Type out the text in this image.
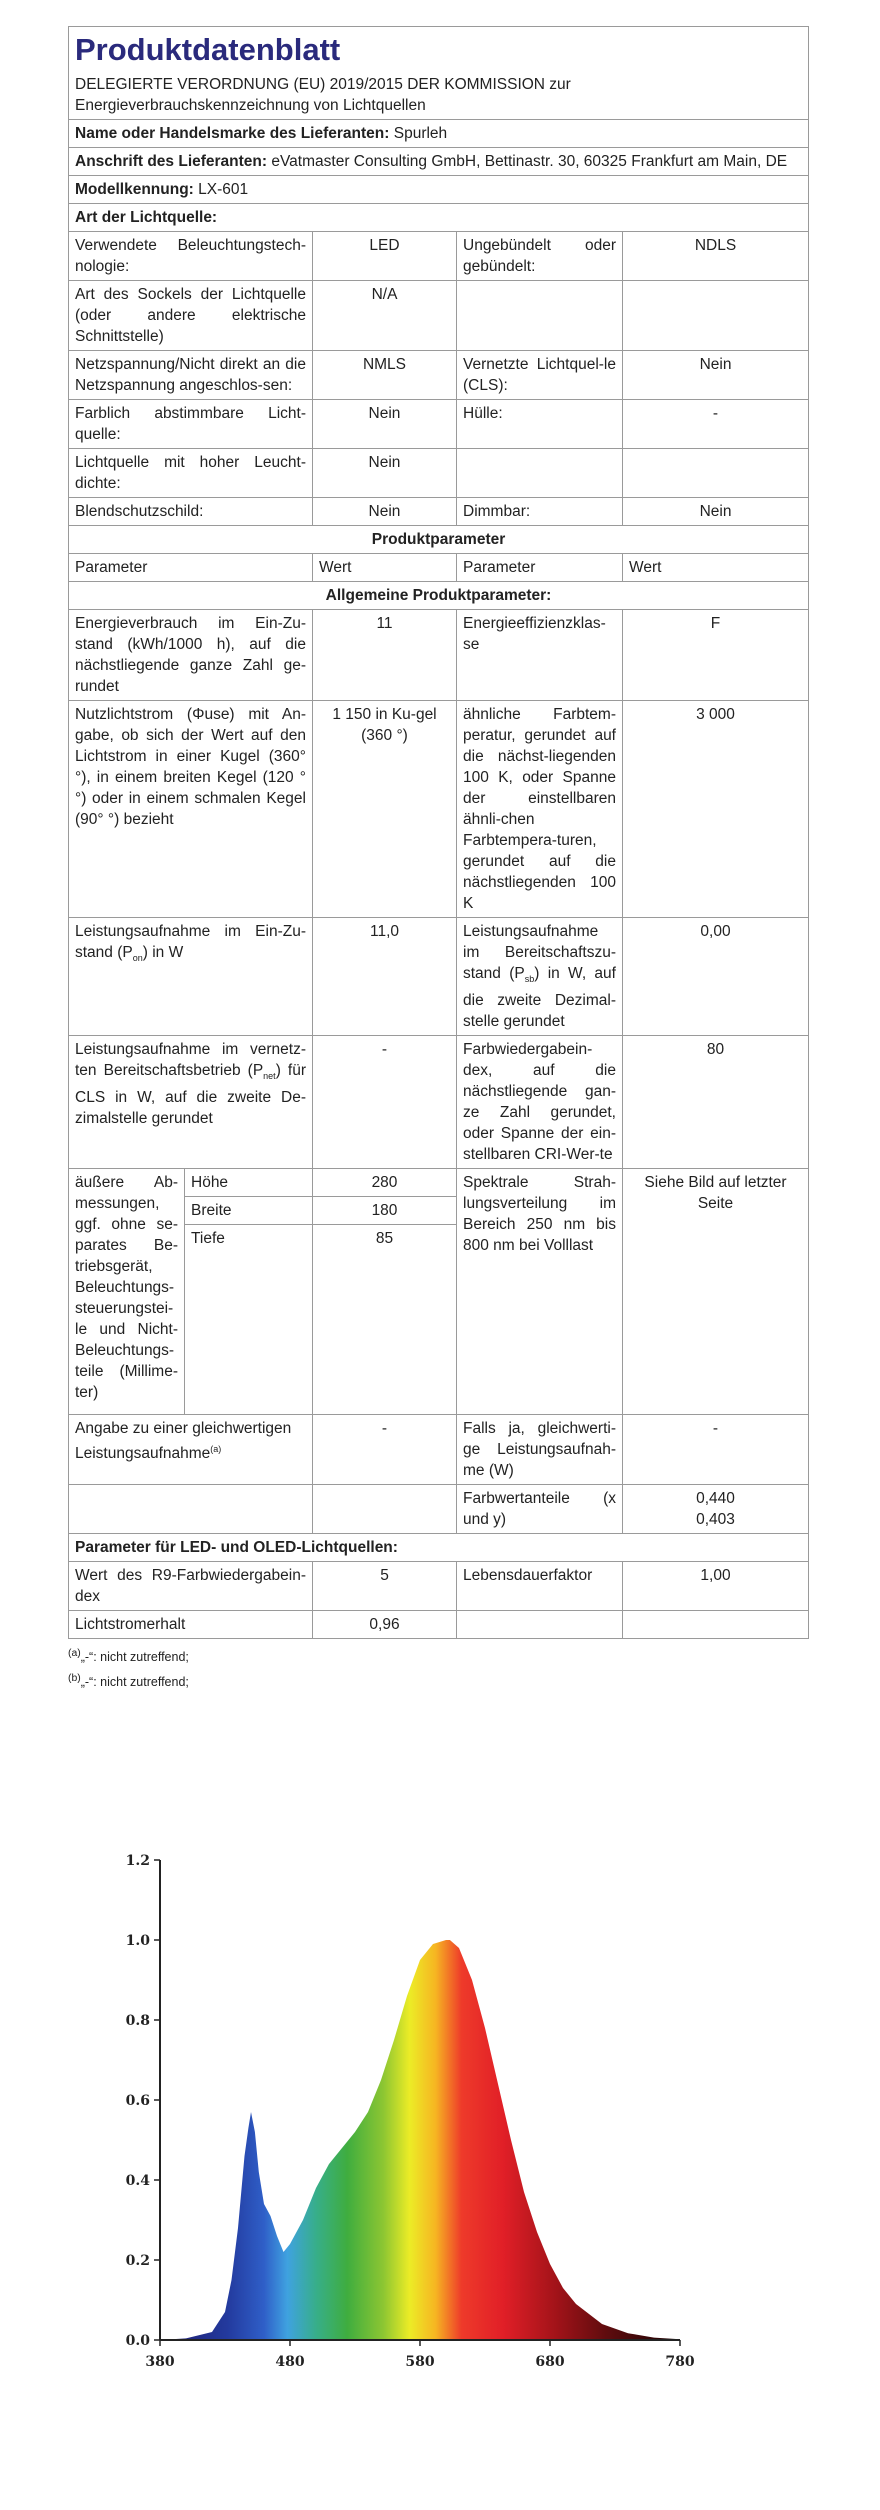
Produktdatenblatt
DELEGIERTE VERORDNUNG (EU) 2019/2015 DER KOMMISSION zur Energieverbrauchskennzeichnung von Lichtquellen				

Name oder Handelsmarke des Lieferanten: Spurleh				
Anschrift des Lieferanten: eVatmaster Consulting GmbH, Bettinastr. 30, 60325 Frankfurt am Main, DE				
Modellkennung: LX-601				
Art der Lichtquelle:				
Verwendete Beleuchtungstech-nologie:		LED	Ungebündelt oder gebündelt:	NDLS
Art des Sockels der Lichtquelle (oder andere elektrische Schnittstelle)		N/A		
Netzspannung/Nicht direkt an die Netzspannung angeschlos-sen:		NMLS	Vernetzte Lichtquel-le (CLS):	Nein
Farblich abstimmbare Licht-quelle:		Nein	Hülle:	-
Lichtquelle mit hoher Leucht-dichte:		Nein		
Blendschutzschild:		Nein	Dimmbar:	Nein
Produktparameter				
Parameter		Wert	Parameter	Wert
Allgemeine Produktparameter:				
Energieverbrauch im Ein-Zu-stand (kWh/1000 h), auf die nächstliegende ganze Zahl ge-rundet		11	Energieeffizienzklas-se	F
Nutzlichtstrom (Φuse) mit An-gabe, ob sich der Wert auf den Lichtstrom in einer Kugel (360° °), in einem breiten Kegel (120 °°) oder in einem schmalen Kegel (90° °) bezieht		1 150 in Ku-gel (360 °)	ähnliche Farbtem-peratur, gerundet auf die nächst-liegenden 100 K, oder Spanne der einstellbaren ähnli-chen Farbtempera-turen, gerundet auf die nächstliegenden 100 K	3 000
Leistungsaufnahme im Ein-Zu-stand $(P_{on})$ in W		11,0	Leistungsaufnahme im Bereitschaftszu-stand $(P_{sb})$ in W, auf die zweite Dezimal-stelle gerundet	0,00
Leistungsaufnahme im vernetz-ten Bereitschaftsbetrieb $(P_{net})$ für CLS in W, auf die zweite De-zimalstelle gerundet		-	Farbwiedergabein-dex, auf die nächstliegende gan-ze Zahl gerundet, oder Spanne der ein-stellbaren CRI-Wer-te	80
äußere Ab-messungen, ggf. ohne se-parates Be-triebsgerät, Beleuchtungs-steuerungstei-le und Nicht-Beleuchtungs-teile (Millime-ter)	Höhe	280	Spektrale Strah-lungsverteilung im Bereich 250 nm bis 800 nm bei Volllast	Siehe Bild auf letzter Seite
	Breite	180		
	Tiefe	85		
Angabe zu einer gleichwertigen Leistungsaufnahme$^{(a)}$		-	Falls ja, gleichwerti-ge Leistungsaufnah-me (W)	-
			Farbwertanteile (x und y)	0,440
0,403

Parameter für LED- und OLED-Lichtquellen:				
Wert des R9-Farbwiedergabein-dex		5	Lebensdauerfaktor	1,00
Lichtstromerhalt		0,96		
$^{(a)}$„-“: nicht zutreffend;
$^{(b)}$„-“: nicht zutreffend;
380	480	580	680	780
0.0
0.2
0.4
0.6
0.8
1.0
1.2
